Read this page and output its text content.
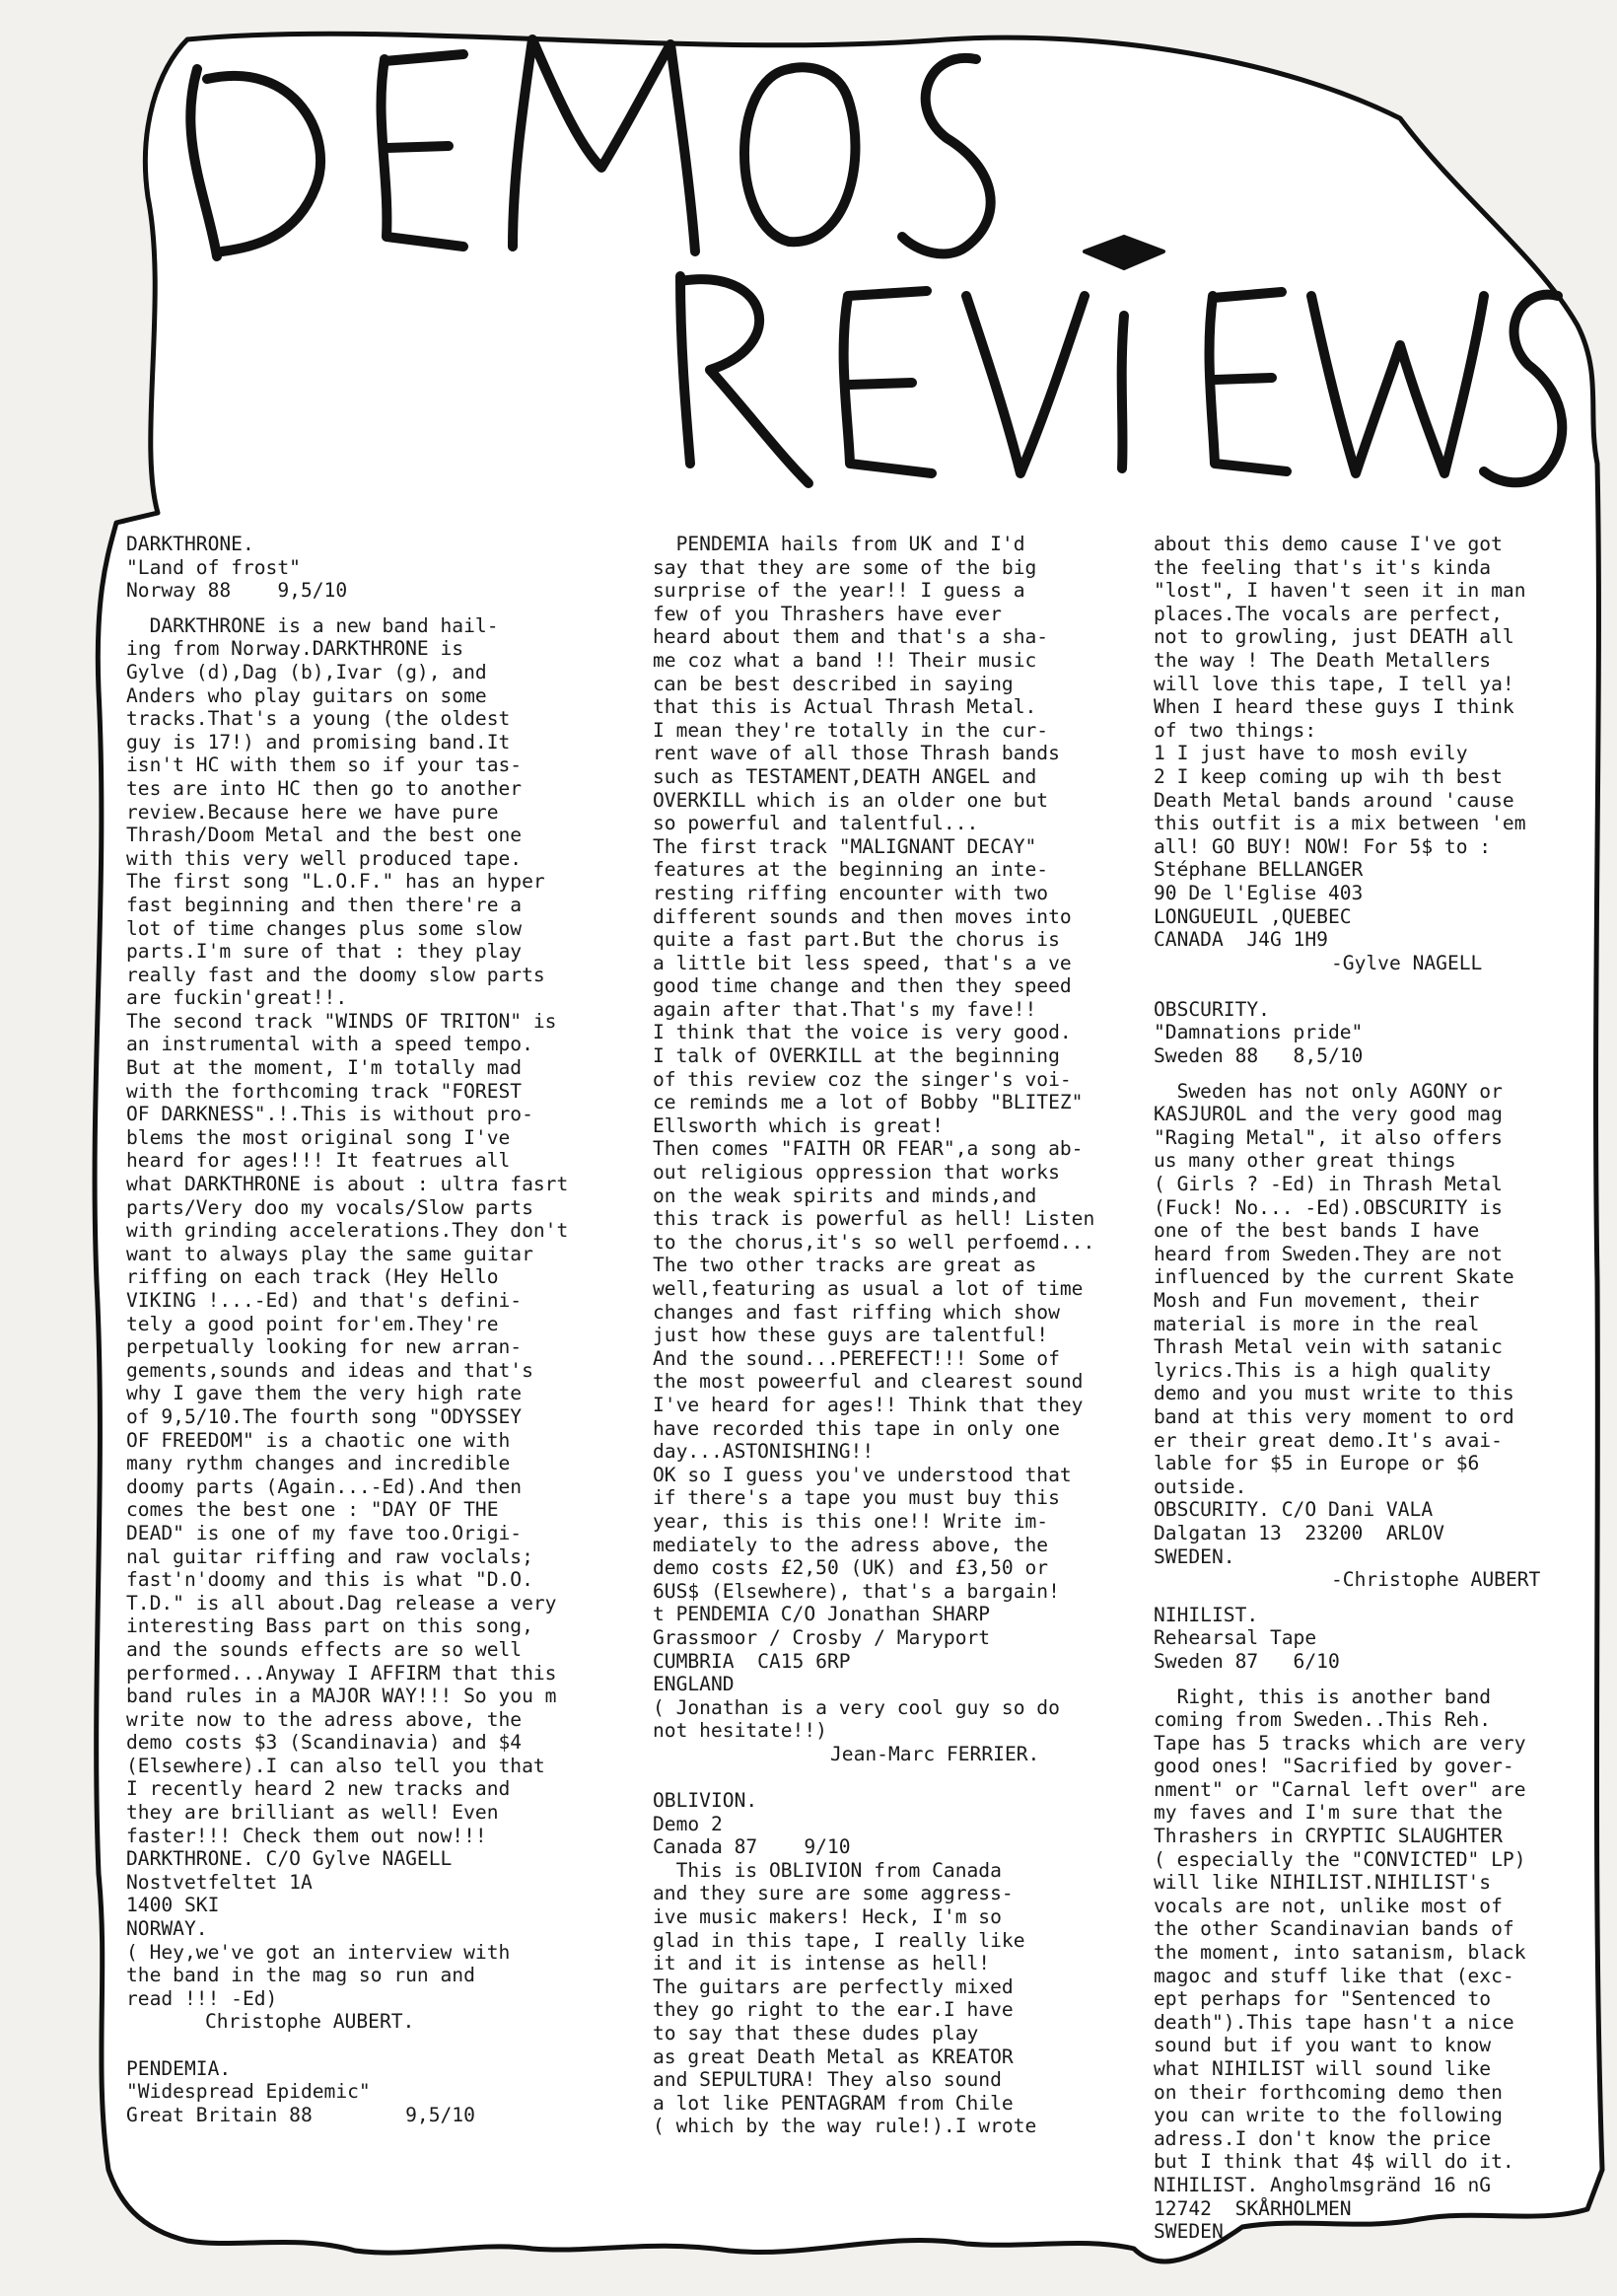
DARKTHRONE.

"Land of frost"

Norway 88    9,5/10

DARKTHRONE is a new band hail-

ing from Norway.DARKTHRONE is

Gylve (d),Dag (b),Ivar (g), and

Anders who play guitars on some

tracks.That's a young (the oldest

guy is 17!) and promising band.It

isn't HC with them so if your tas-

tes are into HC then go to another

review.Because here we have pure

Thrash/Doom Metal and the best one

with this very well produced tape.

The first song "L.O.F." has an hyper

fast beginning and then there're a

lot of time changes plus some slow

parts.I'm sure of that : they play

really fast and the doomy slow parts

are fuckin'great!!.

The second track "WINDS OF TRITON" is

an instrumental with a speed tempo.

But at the moment, I'm totally mad

with the forthcoming track "FOREST

OF DARKNESS".!.This is without pro-

blems the most original song I've

heard for ages!!! It featrues all

what DARKTHRONE is about : ultra fasrt

parts/Very doo my vocals/Slow parts

with grinding accelerations.They don't

want to always play the same guitar

riffing on each track (Hey Hello

VIKING !...-Ed) and that's defini-

tely a good point for'em.They're

perpetually looking for new arran-

gements,sounds and ideas and that's

why I gave them the very high rate

of 9,5/10.The fourth song "ODYSSEY

OF FREEDOM" is a chaotic one with

many rythm changes and incredible

doomy parts (Again...-Ed).And then

comes the best one : "DAY OF THE

DEAD" is one of my fave too.Origi-

nal guitar riffing and raw voclals;

fast'n'doomy and this is what "D.O.

T.D." is all about.Dag release a very

interesting Bass part on this song,

and the sounds effects are so well

performed...Anyway I AFFIRM that this

band rules in a MAJOR WAY!!! So you m

write now to the adress above, the

demo costs $3 (Scandinavia) and $4

(Elsewhere).I can also tell you that

I recently heard 2 new tracks and

they are brilliant as well! Even

faster!!! Check them out now!!!

DARKTHRONE. C/O Gylve NAGELL

Nostvetfeltet 1A

1400 SKI

NORWAY.

( Hey,we've got an interview with

the band in the mag so run and

read !!! -Ed)

Christophe AUBERT.

PENDEMIA.

"Widespread Epidemic"

Great Britain 88        9,5/10

PENDEMIA hails from UK and I'd

say that they are some of the big

surprise of the year!! I guess a

few of you Thrashers have ever

heard about them and that's a sha-

me coz what a band !! Their music

can be best described in saying

that this is Actual Thrash Metal.

I mean they're totally in the cur-

rent wave of all those Thrash bands

such as TESTAMENT,DEATH ANGEL and

OVERKILL which is an older one but

so powerful and talentful...

The first track "MALIGNANT DECAY"

features at the beginning an inte-

resting riffing encounter with two

different sounds and then moves into

quite a fast part.But the chorus is

a little bit less speed, that's a ve

good time change and then they speed

again after that.That's my fave!!

I think that the voice is very good.

I talk of OVERKILL at the beginning

of this review coz the singer's voi-

ce reminds me a lot of Bobby "BLITEZ"

Ellsworth which is great!

Then comes "FAITH OR FEAR",a song ab-

out religious oppression that works

on the weak spirits and minds,and

this track is powerful as hell! Listen

to the chorus,it's so well perfoemd...

The two other tracks are great as

well,featuring as usual a lot of time

changes and fast riffing which show

just how these guys are talentful!

And the sound...PEREFECT!!! Some of

the most poweerful and clearest sound

I've heard for ages!! Think that they

have recorded this tape in only one

day...ASTONISHING!!

OK so I guess you've understood that

if there's a tape you must buy this

year, this is this one!! Write im-

mediately to the adress above, the

demo costs £2,50 (UK) and £3,50 or

6US$ (Elsewhere), that's a bargain!

t PENDEMIA C/O Jonathan SHARP

Grassmoor / Crosby / Maryport

CUMBRIA  CA15 6RP

ENGLAND

( Jonathan is a very cool guy so do

not hesitate!!)

Jean-Marc FERRIER.

OBLIVION.

Demo 2

Canada 87    9/10

This is OBLIVION from Canada

and they sure are some aggress-

ive music makers! Heck, I'm so

glad in this tape, I really like

it and it is intense as hell!

The guitars are perfectly mixed

they go right to the ear.I have

to say that these dudes play

as great Death Metal as KREATOR

and SEPULTURA! They also sound

a lot like PENTAGRAM from Chile

( which by the way rule!).I wrote

about this demo cause I've got

the feeling that's it's kinda

"lost", I haven't seen it in man

places.The vocals are perfect,

not to growling, just DEATH all

the way ! The Death Metallers

will love this tape, I tell ya!

When I heard these guys I think

of two things:

1 I just have to mosh evily

2 I keep coming up wih th best

Death Metal bands around 'cause

this outfit is a mix between 'em

all! GO BUY! NOW! For 5$ to :

Stéphane BELLANGER

90 De l'Eglise 403

LONGUEUIL ,QUEBEC

CANADA  J4G 1H9

-Gylve NAGELL

OBSCURITY.

"Damnations pride"

Sweden 88   8,5/10

Sweden has not only AGONY or

KASJUROL and the very good mag

"Raging Metal", it also offers

us many other great things

( Girls ? -Ed) in Thrash Metal

(Fuck! No... -Ed).OBSCURITY is

one of the best bands I have

heard from Sweden.They are not

influenced by the current Skate

Mosh and Fun movement, their

material is more in the real

Thrash Metal vein with satanic

lyrics.This is a high quality

demo and you must write to this

band at this very moment to ord

er their great demo.It's avai-

lable for $5 in Europe or $6

outside.

OBSCURITY. C/O Dani VALA

Dalgatan 13  23200  ARLOV

SWEDEN.

-Christophe AUBERT

NIHILIST.

Rehearsal Tape

Sweden 87   6/10

Right, this is another band

coming from Sweden..This Reh.

Tape has 5 tracks which are very

good ones! "Sacrified by gover-

nment" or "Carnal left over" are

my faves and I'm sure that the

Thrashers in CRYPTIC SLAUGHTER

( especially the "CONVICTED" LP)

will like NIHILIST.NIHILIST's

vocals are not, unlike most of

the other Scandinavian bands of

the moment, into satanism, black

magoc and stuff like that (exc-

ept perhaps for "Sentenced to

death").This tape hasn't a nice

sound but if you want to know

what NIHILIST will sound like

on their forthcoming demo then

you can write to the following

adress.I don't know the price

but I think that 4$ will do it.

NIHILIST. Angholmsgränd 16 nG

12742  SKÅRHOLMEN

SWEDEN.
